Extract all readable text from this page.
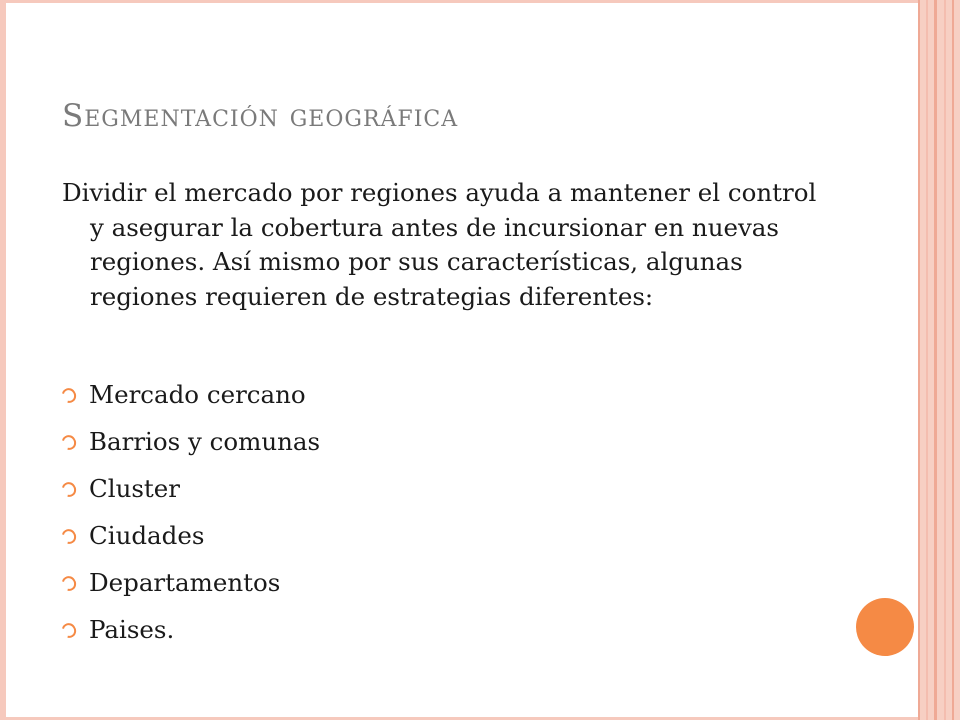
Segmentación geográfica

Dividir el mercado por regiones ayuda a mantener el control y asegurar la cobertura antes de incursionar en nuevas regiones. Así mismo por sus características, algunas regiones requieren de estrategias diferentes:

Mercado cercano
Barrios y comunas
Cluster
Ciudades
Departamentos
Paises.
